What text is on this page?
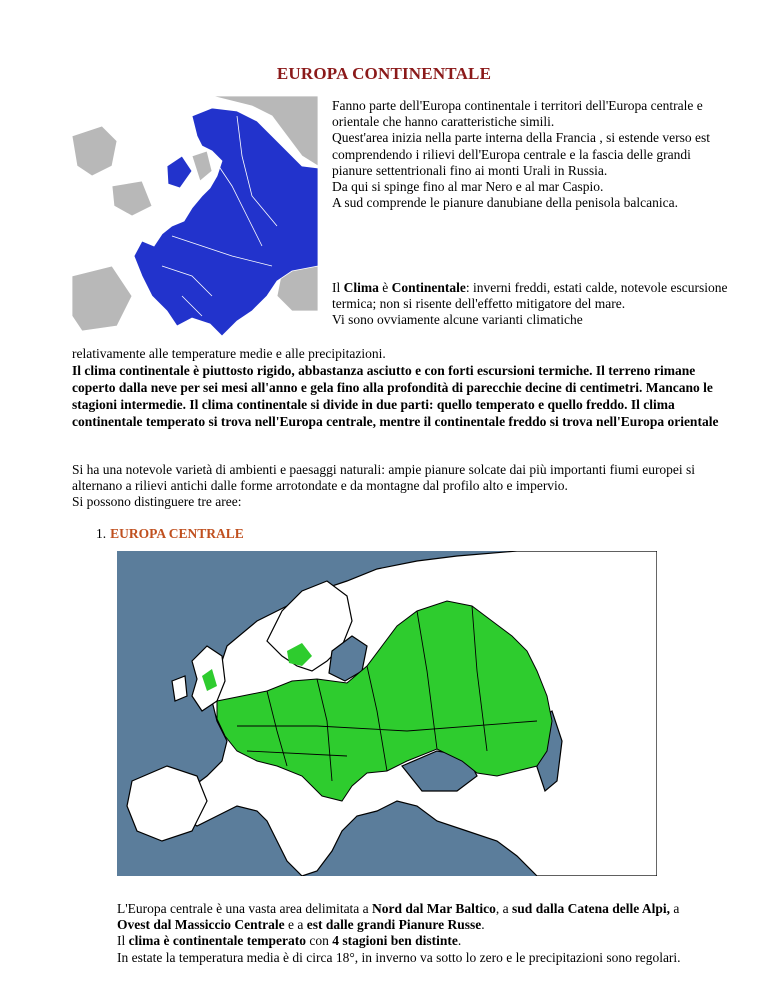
EUROPA CONTINENTALE

Fanno parte dell'Europa continentale i territori dell'Europa centrale e orientale che hanno caratteristiche simili.

Quest'area inizia nella parte interna della Francia , si estende verso est comprendendo i rilievi dell'Europa centrale e la fascia delle grandi pianure settentrionali fino ai monti Urali in Russia.

Da qui si spinge fino al mar Nero e al mar Caspio.

A sud comprende le pianure danubiane della penisola balcanica.

Il Clima è Continentale: inverni freddi, estati calde, notevole escursione termica; non si risente dell'effetto mitigatore del mare.

Vi sono ovviamente alcune varianti climatiche

relativamente alle temperature medie e alle precipitazioni.
Il clima continentale è piuttosto rigido, abbastanza asciutto e con forti escursioni termiche. Il terreno rimane coperto dalla neve per sei mesi all'anno e gela fino alla profondità di parecchie decine di centimetri. Mancano le stagioni intermedie. Il clima continentale si divide in due parti: quello temperato e quello freddo. Il clima continentale temperato si trova nell'Europa centrale, mentre il continentale freddo si trova nell'Europa orientale
Si ha una notevole varietà di ambienti e paesaggi naturali: ampie pianure solcate dai più importanti fiumi europei si alternano a rilievi antichi dalle forme arrotondate e da montagne dal profilo alto e impervio.
Si possono distinguere tre aree:
1. EUROPA CENTRALE
L'Europa centrale è una vasta area delimitata a Nord dal Mar Baltico, a sud dalla Catena delle Alpi, a Ovest dal Massiccio Centrale e a est dalle grandi Pianure Russe.
Il clima è continentale temperato con 4 stagioni ben distinte.
In estate la temperatura media è di circa 18°, in inverno va sotto lo zero e le precipitazioni sono regolari.
